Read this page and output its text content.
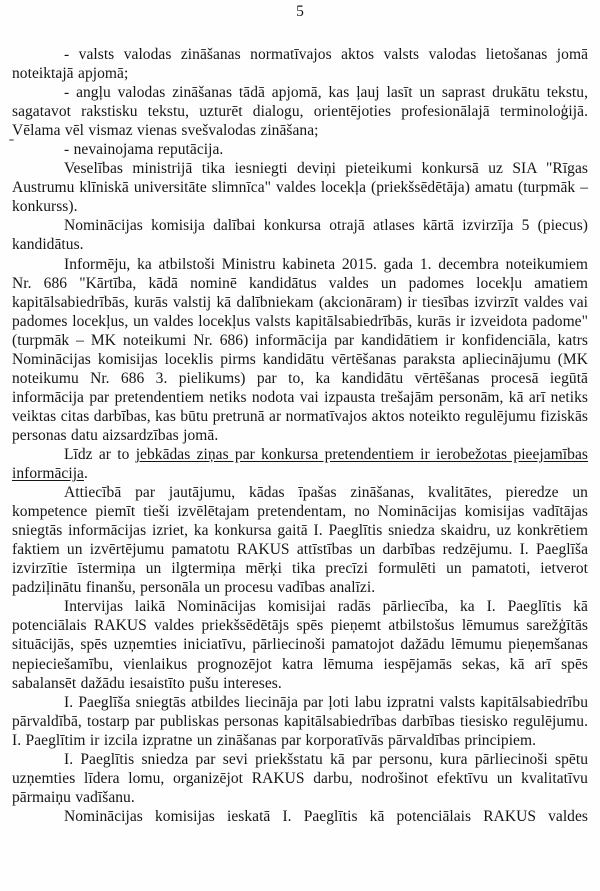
5

- valsts valodas zināšanas normatīvajos aktos valsts valodas lietošanas jomā noteiktajā apjomā;

- angļu valodas zināšanas tādā apjomā, kas ļauj lasīt un saprast drukātu tekstu, sagatavot rakstisku tekstu, uzturēt dialogu, orientējoties profesionālajā terminoloģijā. Vēlama vēl vismaz vienas svešvalodas zināšana;

- nevainojama reputācija.

Veselības ministrijā tika iesniegti deviņi pieteikumi konkursā uz SIA "Rīgas Austrumu klīniskā universitāte slimnīca" valdes locekļa (priekšsēdētāja) amatu (turpmāk – konkurss).

Nominācijas komisija dalībai konkursa otrajā atlases kārtā izvirzīja 5 (piecus) kandidātus.

Informēju, ka atbilstoši Ministru kabineta 2015. gada 1. decembra noteikumiem Nr. 686 "Kārtība, kādā nominē kandidātus valdes un padomes locekļu amatiem kapitālsabiedrībās, kurās valstij kā dalībniekam (akcionāram) ir tiesības izvirzīt valdes vai padomes locekļus, un valdes locekļus valsts kapitālsabiedrībās, kurās ir izveidota padome" (turpmāk – MK noteikumi Nr. 686) informācija par kandidātiem ir konfidenciāla, katrs Nominācijas komisijas loceklis pirms kandidātu vērtēšanas paraksta apliecinājumu (MK noteikumu Nr. 686 3. pielikums) par to, ka kandidātu vērtēšanas procesā iegūtā informācija par pretendentiem netiks nodota vai izpausta trešajām personām, kā arī netiks veiktas citas darbības, kas būtu pretrunā ar normatīvajos aktos noteikto regulējumu fiziskās personas datu aizsardzības jomā.

Līdz ar to jebkādas ziņas par konkursa pretendentiem ir ierobežotas pieejamības informācija.

Attiecībā par jautājumu, kādas īpašas zināšanas, kvalitātes, pieredze un kompetence piemīt tieši izvēlētajam pretendentam, no Nominācijas komisijas vadītājas sniegtās informācijas izriet, ka konkursa gaitā I. Paeglītis sniedza skaidru, uz konkrētiem faktiem un izvērtējumu pamatotu RAKUS attīstības un darbības redzējumu. I. Paeglīša izvirzītie īstermiņa un ilgtermiņa mērķi tika precīzi formulēti un pamatoti, ietverot padziļinātu finanšu, personāla un procesu vadības analīzi.

Intervijas laikā Nominācijas komisijai radās pārliecība, ka I. Paeglītis kā potenciālais RAKUS valdes priekšsēdētājs spēs pieņemt atbilstošus lēmumus sarežģītās situācijās, spēs uzņemties iniciatīvu, pārliecinoši pamatojot dažādu lēmumu pieņemšanas nepieciešamību, vienlaikus prognozējot katra lēmuma iespējamās sekas, kā arī spēs sabalansēt dažādu iesaistīto pušu intereses.

I. Paeglīša sniegtās atbildes liecināja par ļoti labu izpratni valsts kapitālsabiedrību pārvaldībā, tostarp par publiskas personas kapitālsabiedrības darbības tiesisko regulējumu. I. Paeglītim ir izcila izpratne un zināšanas par korporatīvās pārvaldības principiem.

I. Paeglītis sniedza par sevi priekšstatu kā par personu, kura pārliecinoši spētu uzņemties līdera lomu, organizējot RAKUS darbu, nodrošinot efektīvu un kvalitatīvu pārmaiņu vadīšanu.

Nominācijas komisijas ieskatā I. Paeglītis kā potenciālais RAKUS valdes
